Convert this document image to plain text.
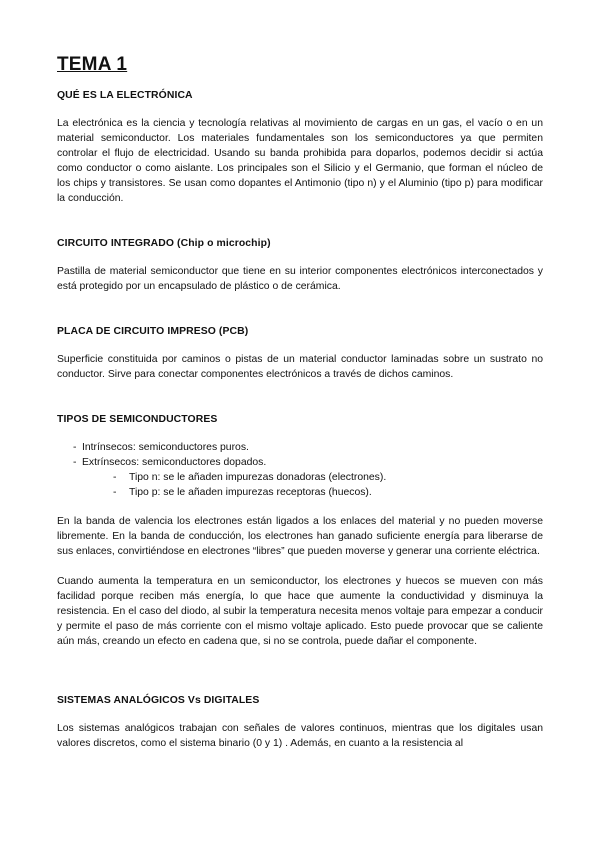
TEMA 1
QUÉ ES LA ELECTRÓNICA

La electrónica es la ciencia y tecnología relativas al movimiento de cargas en un gas, el vacío o en un material semiconductor. Los materiales fundamentales son los semiconductores ya que permiten controlar el flujo de electricidad. Usando su banda prohibida para doparlos, podemos decidir si actúa como conductor o como aislante. Los principales son el Silicio y el Germanio, que forman el núcleo de los chips y transistores. Se usan como dopantes el Antimonio (tipo n) y el Aluminio (tipo p) para modificar la conducción.

CIRCUITO INTEGRADO (Chip o microchip)

Pastilla de material semiconductor que tiene en su interior componentes electrónicos interconectados y está protegido por un encapsulado de plástico o de cerámica.

PLACA DE CIRCUITO IMPRESO (PCB)

Superficie constituida por caminos o pistas de un material conductor laminadas sobre un sustrato no conductor. Sirve para conectar componentes electrónicos a través de dichos caminos.

TIPOS DE SEMICONDUCTORES
- Intrínsecos: semiconductores puros.
- Extrínsecos: semiconductores dopados.
- Tipo n: se le añaden impurezas donadoras (electrones).
- Tipo p: se le añaden impurezas receptoras (huecos).

En la banda de valencia los electrones están ligados a los enlaces del material y no pueden moverse libremente. En la banda de conducción, los electrones han ganado suficiente energía para liberarse de sus enlaces, convirtiéndose en electrones “libres” que pueden moverse y generar una corriente eléctrica.

Cuando aumenta la temperatura en un semiconductor, los electrones y huecos se mueven con más facilidad porque reciben más energía, lo que hace que aumente la conductividad y disminuya la resistencia. En el caso del diodo, al subir la temperatura necesita menos voltaje para empezar a conducir y permite el paso de más corriente con el mismo voltaje aplicado. Esto puede provocar que se caliente aún más, creando un efecto en cadena que, si no se controla, puede dañar el componente.

SISTEMAS ANALÓGICOS Vs DIGITALES

Los sistemas analógicos trabajan con señales de valores continuos, mientras que los digitales usan valores discretos, como el sistema binario (0 y 1) . Además, en cuanto a la resistencia al
